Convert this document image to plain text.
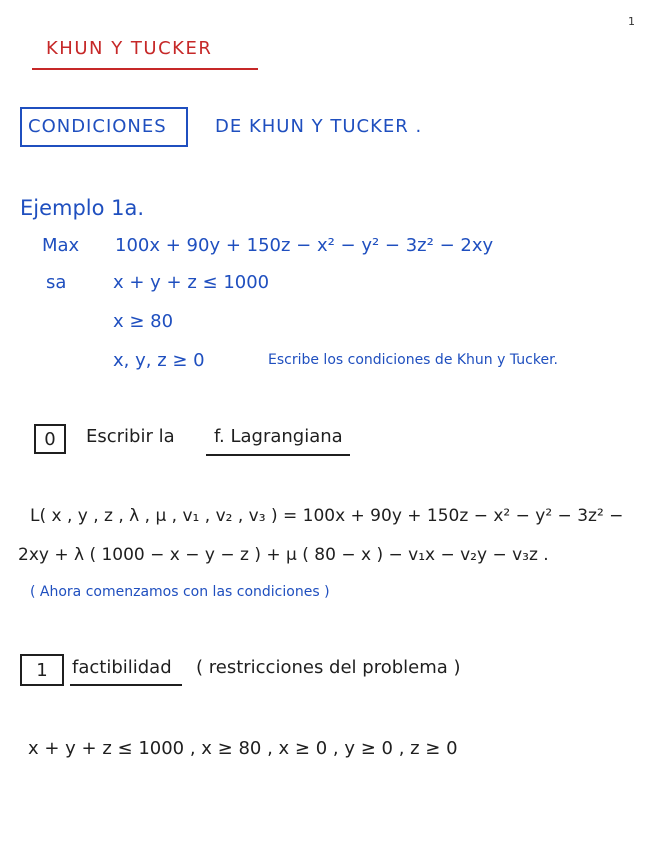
1
KHUN Y TUCKER
CONDICIONES	DE KHUN Y TUCKER .
Ejemplo 1a.
Max 100x + 90y + 150z − x² − y² − 3z² − 2xy
sa	x + y + z ≤ 1000
x ≥ 80
x, y, z ≥ 0	Escribe los condiciones de Khun y Tucker.
0 Escribir la f. Lagrangiana
L( x , y , z , λ , μ , v₁ , v₂ , v₃ ) = 100x + 90y + 150z − x² − y² − 3z² −
2xy + λ ( 1000 − x − y − z ) + μ ( 80 − x ) − v₁x − v₂y − v₃z .
( Ahora comenzamos con las condiciones )
1 factibilidad ( restricciones del problema )
x + y + z ≤ 1000 , x ≥ 80 , x ≥ 0 , y ≥ 0 , z ≥ 0
